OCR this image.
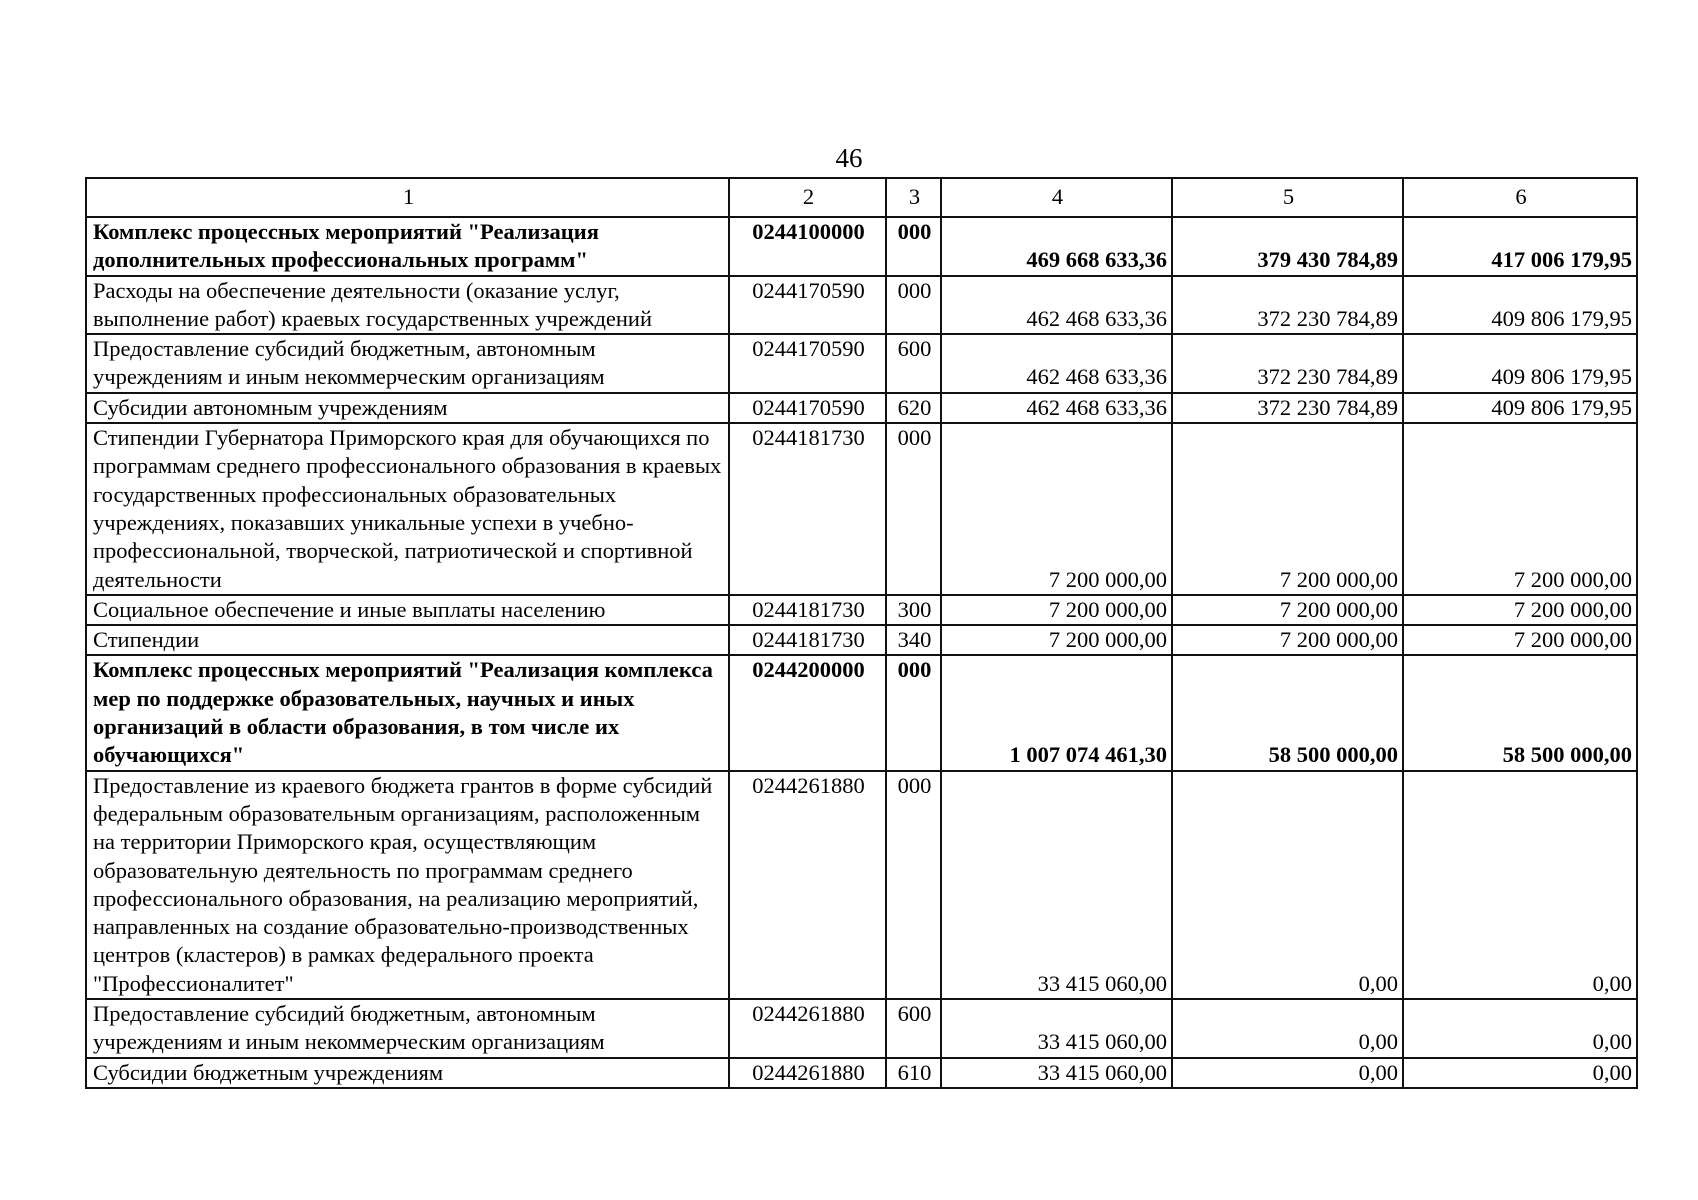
46
1	2	3	4	5	6
Комплекс процессных мероприятий "Реализация дополнительных профессиональных программ"	0244100000	000	469 668 633,36	379 430 784,89	417 006 179,95
Расходы на обеспечение деятельности (оказание услуг, выполнение работ) краевых государственных учреждений	0244170590	000	462 468 633,36	372 230 784,89	409 806 179,95
Предоставление субсидий бюджетным, автономным учреждениям и иным некоммерческим организациям	0244170590	600	462 468 633,36	372 230 784,89	409 806 179,95
Субсидии автономным учреждениям	0244170590	620	462 468 633,36	372 230 784,89	409 806 179,95
Стипендии Губернатора Приморского края для обучающихся по программам среднего профессионального образования в краевых государственных профессиональных образовательных учреждениях, показавших уникальные успехи в учебно-профессиональной, творческой, патриотической и спортивной деятельности	0244181730	000	7 200 000,00	7 200 000,00	7 200 000,00
Социальное обеспечение и иные выплаты населению	0244181730	300	7 200 000,00	7 200 000,00	7 200 000,00
Стипендии	0244181730	340	7 200 000,00	7 200 000,00	7 200 000,00
Комплекс процессных мероприятий "Реализация комплекса мер по поддержке образовательных, научных и иных организаций в области образования, в том числе их обучающихся"	0244200000	000	1 007 074 461,30	58 500 000,00	58 500 000,00
Предоставление из краевого бюджета грантов в форме субсидий федеральным образовательным организациям, расположенным на территории Приморского края, осуществляющим образовательную деятельность по программам среднего профессионального образования, на реализацию мероприятий, направленных на создание образовательно-производственных центров (кластеров) в рамках федерального проекта "Профессионалитет"	0244261880	000	33 415 060,00	0,00	0,00
Предоставление субсидий бюджетным, автономным учреждениям и иным некоммерческим организациям	0244261880	600	33 415 060,00	0,00	0,00
Субсидии бюджетным учреждениям	0244261880	610	33 415 060,00	0,00	0,00
